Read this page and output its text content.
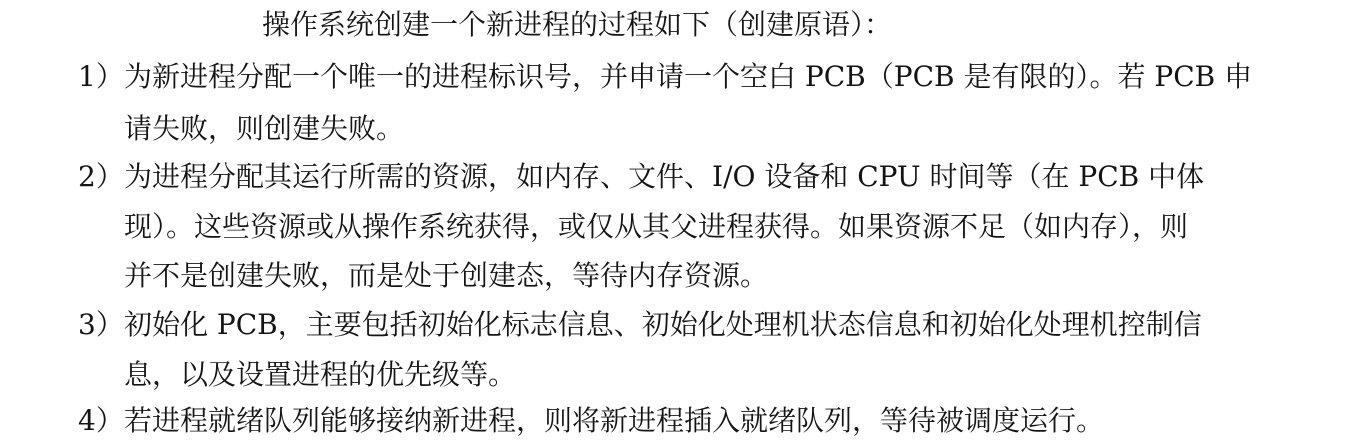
操作系统创建一个新进程的过程如下（创建原语）：
1） 为新进程分配一个唯一的进程标识号，并申请一个空白 PCB（PCB 是有限的）。若 PCB 申
请失败，则创建失败。
2） 为进程分配其运行所需的资源，如内存、文件、I/O 设备和 CPU 时间等（在 PCB 中体
现）。这些资源或从操作系统获得，或仅从其父进程获得。如果资源不足（如内存），则
并不是创建失败，而是处于创建态，等待内存资源。
3） 初始化 PCB，主要包括初始化标志信息、初始化处理机状态信息和初始化处理机控制信
息，以及设置进程的优先级等。
4） 若进程就绪队列能够接纳新进程，则将新进程插入就绪队列，等待被调度运行。
